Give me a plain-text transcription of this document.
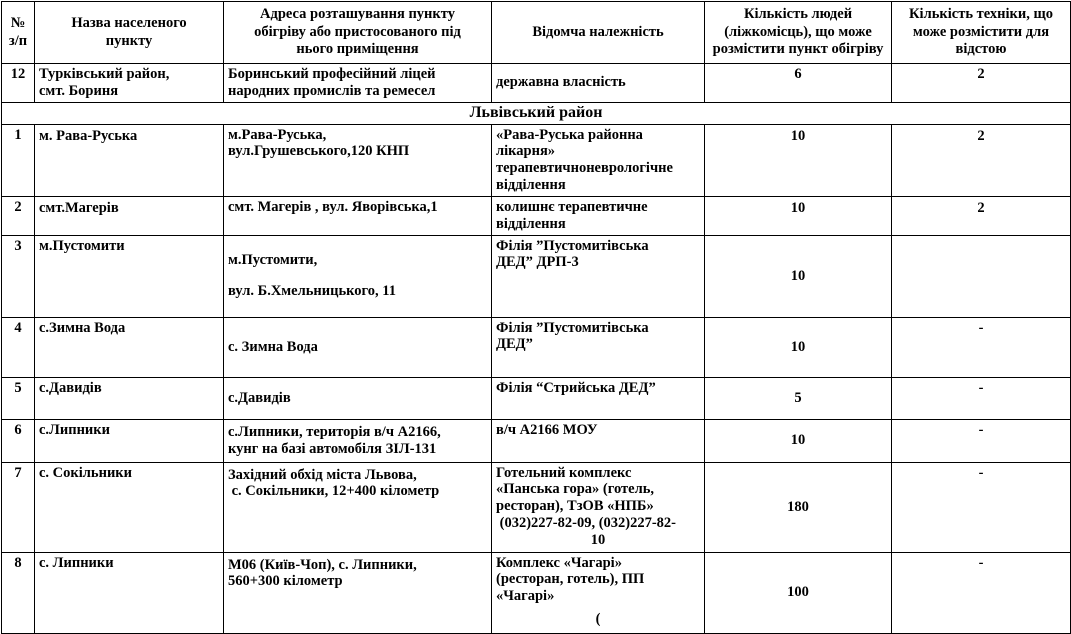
№
з/п	Назва населеного
пункту	Адреса розташування пункту
обігріву або пристосованого під
нього приміщення	Відомча належність	Кількість людей
(ліжкомісць), що може
розмістити пункт обігріву	Кількість техніки, що
може розмістити для
відстою

12	Турківський район,
смт. Бориня	Боринський професійний ліцей
народних промислів та ремесел	державна власність	6	2
Львівський район					
1	м. Рава-Руська	м.Рава-Руська,
вул.Грушевського,120 КНП	«Рава-Руська районна
лікарня»
терапевтичноневрологічне
відділення	10	2
2	смт.Магерів	смт. Магерів , вул. Яворівська,1	колишнє терапевтичне
відділення	10	2
3	м.Пустомити	м.Пустомити,
вул. Б.Хмельницького, 11	Філія ”Пустомитівська
ДЕД” ДРП-3	10	
4	с.Зимна Вода	с. Зимна Вода	Філія ”Пустомитівська
ДЕД”	10	-
5	с.Давидів	с.Давидів	Філія “Стрийська ДЕД”	5	-
6	с.Липники	с.Липники, територія в/ч А2166,
кунг на базі автомобіля ЗІЛ-131	в/ч А2166 МОУ	10	-
7	с. Сокільники	Західний обхід міста Львова,
с. Сокільники, 12+400 кілометр	Готельний комплекс
«Панська гора» (готель,
ресторан), ТзОВ «НПБ»
(032)227-82-09, (032)227-82-
10	180	-
8	с. Липники	М06 (Київ-Чоп), с. Липники,
560+300 кілометр	Комплекс «Чагарі»
(ресторан, готель), ПП
«Чагарі»
(	100	-
